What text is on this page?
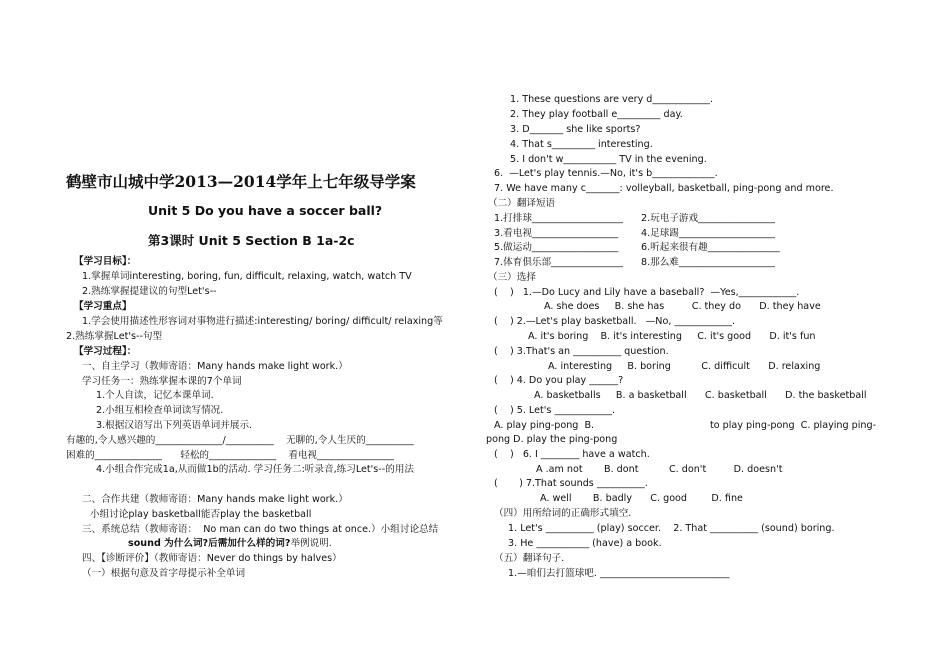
鹤壁市山城中学2013—2014学年上七年级导学案
Unit 5 Do you have a soccer ball?
第3课时 Unit 5 Section B 1a-2c
【学习目标】：
1.掌握单词interesting, boring, fun, difficult, relaxing, watch, watch TV
2.熟练掌握提建议的句型Let's--
【学习重点】
1.学会使用描述性形容词对事物进行描述:interesting/ boring/ difficult/ relaxing等
2.熟练掌握Let's--句型
【学习过程】：
一、自主学习（教师寄语：Many hands make light work.）
学习任务一：熟练掌握本课的7个单词
1.个人自读，记忆本课单词.
2.小组互相检查单词读写情况.
3.根据汉语写出下列英语单词并展示.
有趣的,令人感兴趣的______________/__________    无聊的,令人生厌的__________
困难的______________      轻松的______________    看电视________________
4.小组合作完成1a,从而做1b的活动. 学习任务二:听录音,练习Let's--的用法
二、合作共建（教师寄语：Many hands make light work.）
小组讨论play basketball能否play the basketball
三、系统总结（教师寄语：  No man can do two things at once.）小组讨论总结
sound 为什么词?后需加什么样的词?举例说明.
四、【诊断评价】（教师寄语：Never do things by halves）
（一）根据句意及首字母提示补全单词
1. These questions are very d____________.
2. They play football e_________ day.
3. D_______ she like sports?
4. That s_________ interesting.
5. I don't w___________ TV in the evening.
6.  —Let's play tennis.—No, it's b_____________.
7. We have many c_______: volleyball, basketball, ping-pong and more.
（二）翻译短语
1.打排球___________________ 2.玩电子游戏________________
3.看电视__________________ 4.足球踢____________________
5.做运动__________________ 6.听起来很有趣_______________
7.体育俱乐部_______________ 8.那么难____________________
（三）选择
(    )   1.—Do Lucy and Lily have a baseball?  —Yes,____________.
A. she does     B. she has         C. they do      D. they have
(    ) 2.—Let's play basketball.   —No, ____________.
A. it's boring    B. it's interesting     C. it's good      D. it's fun
(    ) 3.That's an __________ question.
A. interesting     B. boring          C. difficult      D. relaxing
(    ) 4. Do you play ______?
A. basketballs     B. a basketball      C. basketball      D. the basketball
(    ) 5. Let's ____________.
A. play ping-pong  B.	to play ping-pong  C. playing ping-
pong D. play the ping-pong
(    )   6. I ________ have a watch.
A .am not       B. dont          C. don't         D. doesn't
(       ) 7.That sounds __________.
A. well       B. badly      C. good        D. fine
（四）用所给词的正确形式填空.
1. Let's __________ (play) soccer.    2. That __________ (sound) boring.
3. He ___________ (have) a book.
（五）翻译句子.
1.—咱们去打篮球吧. ___________________________
